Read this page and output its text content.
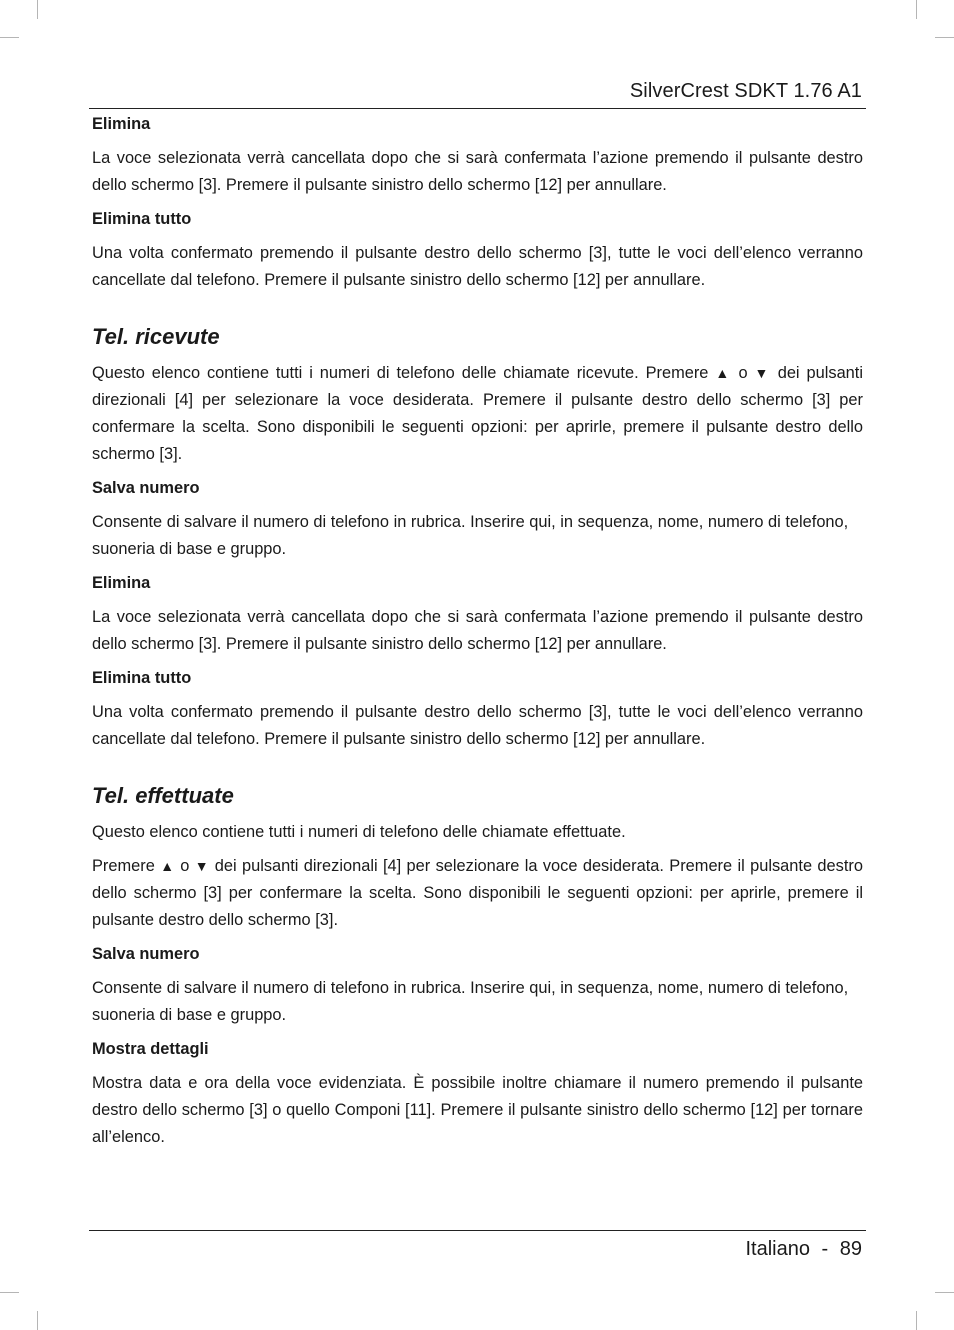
SilverCrest SDKT 1.76 A1
Elimina

La voce selezionata verrà cancellata dopo che si sarà confermata l’azione premendo il pulsante destro dello schermo [3]. Premere il pulsante sinistro dello schermo [12] per annullare.

Elimina tutto

Una volta confermato premendo il pulsante destro dello schermo [3], tutte le voci dell’elenco verranno cancellate dal telefono. Premere il pulsante sinistro dello schermo [12] per annullare.

Tel. ricevute

Questo elenco contiene tutti i numeri di telefono delle chiamate ricevute. Premere ▲ o ▼ dei pulsanti direzionali [4] per selezionare la voce desiderata. Premere il pulsante destro dello schermo [3] per confermare la scelta. Sono disponibili le seguenti opzioni: per aprirle, premere il pulsante destro dello schermo [3].

Salva numero

Consente di salvare il numero di telefono in rubrica. Inserire qui, in sequenza, nome, numero di telefono, suoneria di base e gruppo.

Elimina

La voce selezionata verrà cancellata dopo che si sarà confermata l’azione premendo il pulsante destro dello schermo [3]. Premere il pulsante sinistro dello schermo [12] per annullare.

Elimina tutto

Una volta confermato premendo il pulsante destro dello schermo [3], tutte le voci dell’elenco verranno cancellate dal telefono. Premere il pulsante sinistro dello schermo [12] per annullare.

Tel. effettuate

Questo elenco contiene tutti i numeri di telefono delle chiamate effettuate.

Premere ▲ o ▼ dei pulsanti direzionali [4] per selezionare la voce desiderata. Premere il pulsante destro dello schermo [3] per confermare la scelta. Sono disponibili le seguenti opzioni: per aprirle, premere il pulsante destro dello schermo [3].

Salva numero

Consente di salvare il numero di telefono in rubrica. Inserire qui, in sequenza, nome, numero di telefono, suoneria di base e gruppo.

Mostra dettagli

Mostra data e ora della voce evidenziata. È possibile inoltre chiamare il numero premendo il pulsante destro dello schermo [3] o quello Componi [11]. Premere il pulsante sinistro dello schermo [12] per tornare all’elenco.

Italiano - 89
